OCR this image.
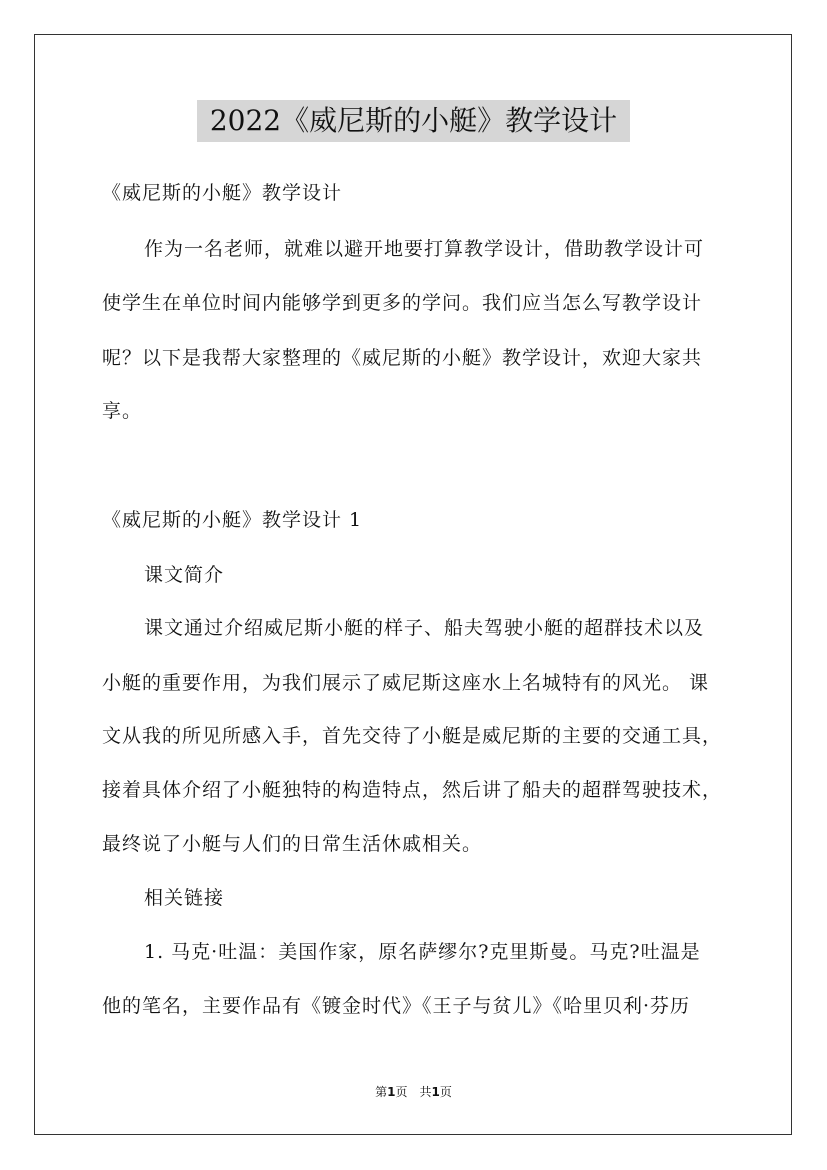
2022《威尼斯的小艇》教学设计
《威尼斯的小艇》教学设计
作为一名老师，就难以避开地要打算教学设计，借助教学设计可
使学生在单位时间内能够学到更多的学问。我们应当怎么写教学设计
呢？以下是我帮大家整理的《威尼斯的小艇》教学设计，欢迎大家共
享。
《威尼斯的小艇》教学设计 1
课文简介
课文通过介绍威尼斯小艇的样子、船夫驾驶小艇的超群技术以及
小艇的重要作用，为我们展示了威尼斯这座水上名城特有的风光。 课
文从我的所见所感入手，首先交待了小艇是威尼斯的主要的交通工具，
接着具体介绍了小艇独特的构造特点，然后讲了船夫的超群驾驶技术，
最终说了小艇与人们的日常生活休戚相关。
相关链接
1. 马克·吐温：美国作家，原名萨缪尔?克里斯曼。马克?吐温是
他的笔名，主要作品有《镀金时代》《王子与贫儿》《哈里贝利·芬历
第1页　共1页
